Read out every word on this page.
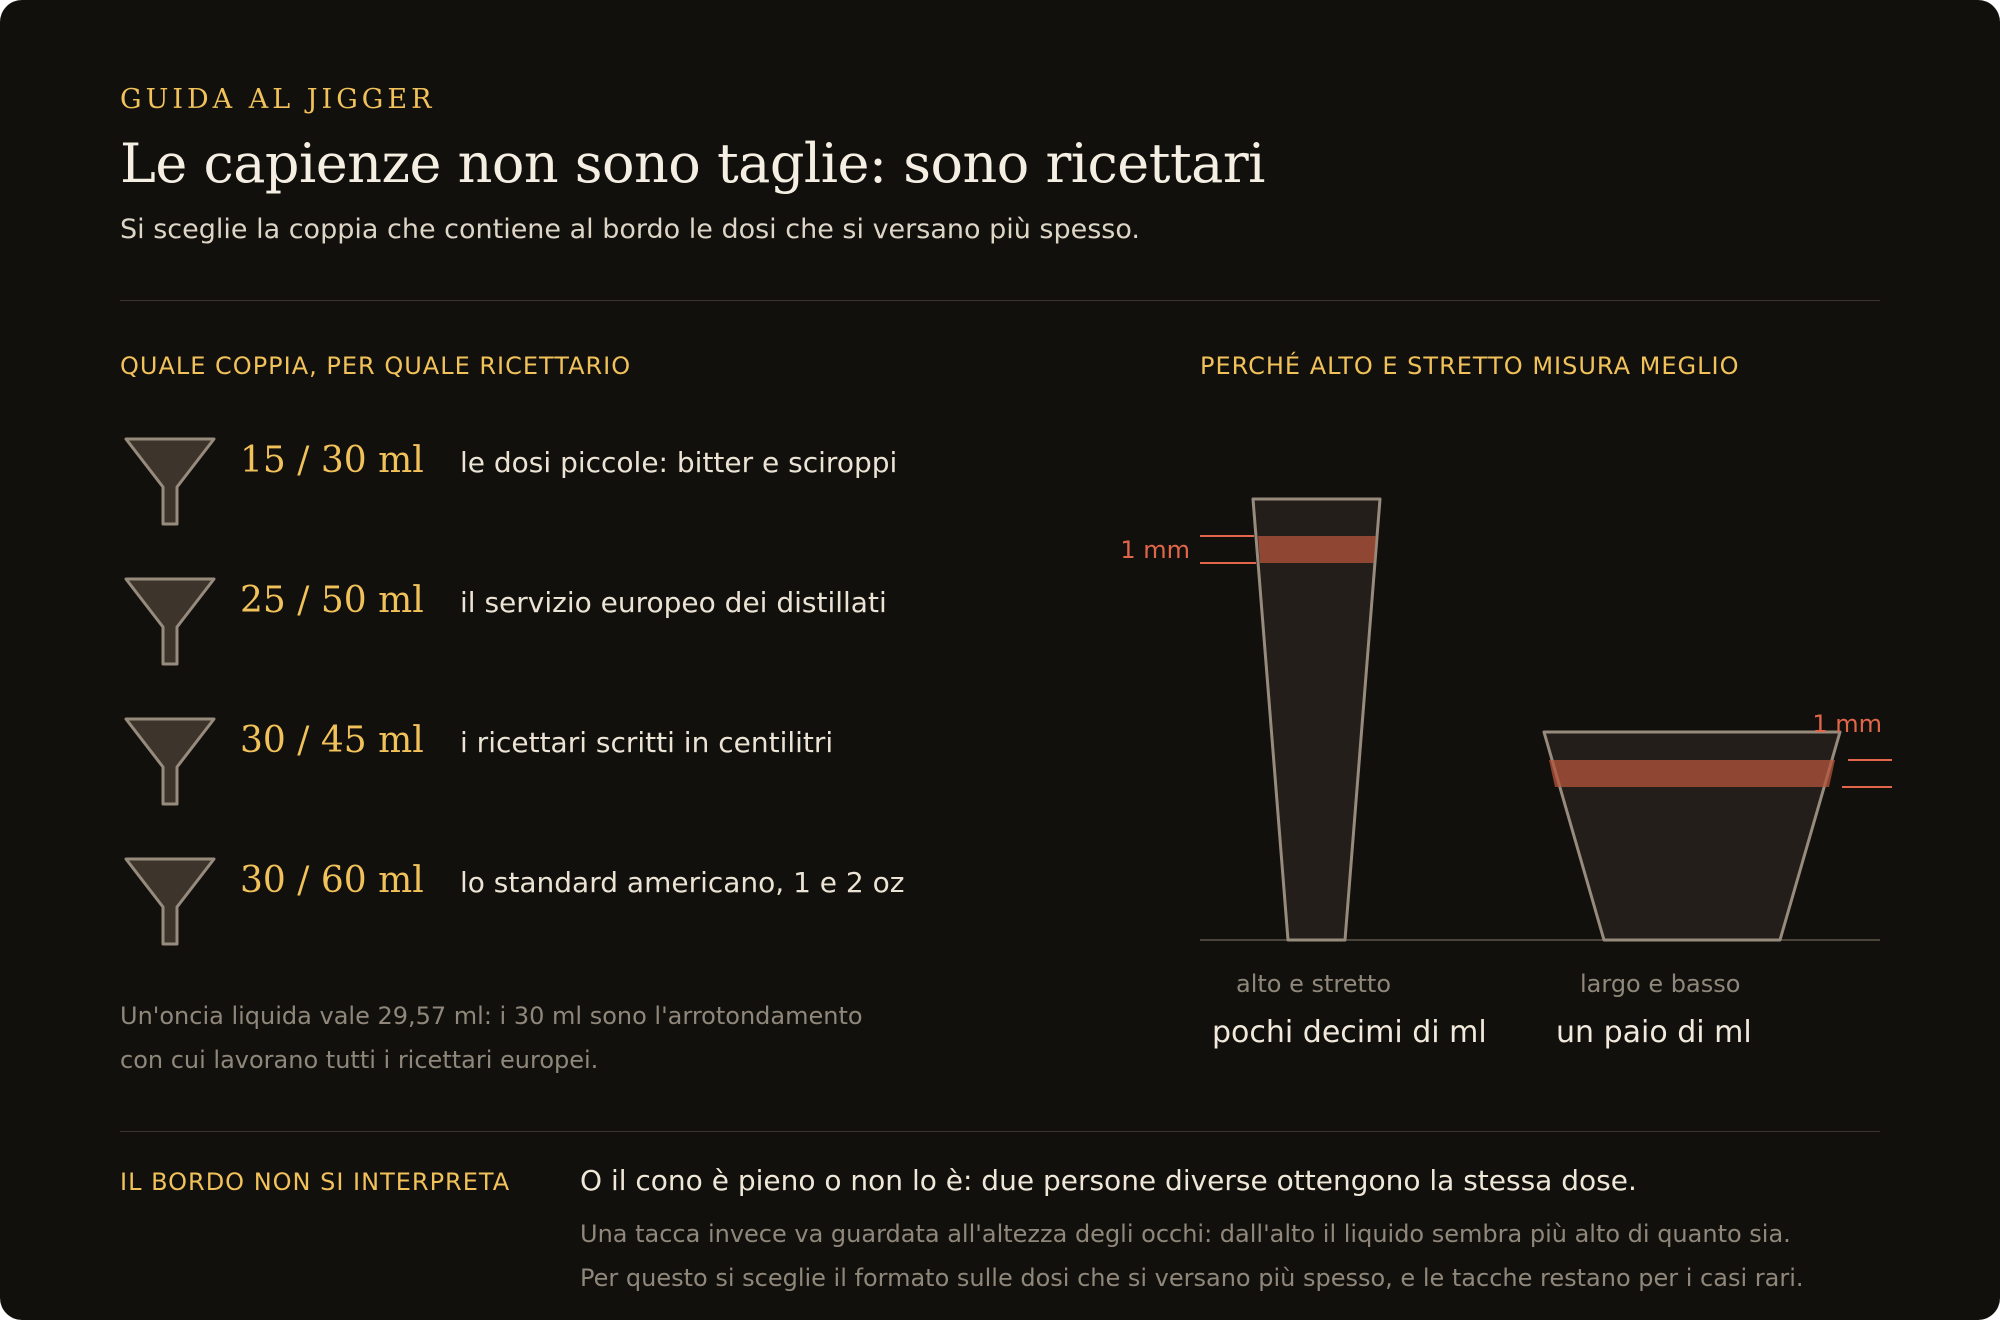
GUIDA AL JIGGER
Le capienze non sono taglie: sono ricettari
Si sceglie la coppia che contiene al bordo le dosi che si versano più spesso.
QUALE COPPIA, PER QUALE RICETTARIO
15 / 30 ml le dosi piccole: bitter e sciroppi
25 / 50 ml il servizio europeo dei distillati
30 / 45 ml i ricettari scritti in centilitri
30 / 60 ml lo standard americano, 1 e 2 oz
Un'oncia liquida vale 29,57 ml: i 30 ml sono l'arrotondamento
con cui lavorano tutti i ricettari europei.
PERCHÉ ALTO E STRETTO MISURA MEGLIO
1 mm
1 mm
alto e stretto
pochi decimi di ml
largo e basso
un paio di ml
IL BORDO NON SI INTERPRETA O il cono è pieno o non lo è: due persone diverse ottengono la stessa dose.
Una tacca invece va guardata all'altezza degli occhi: dall'alto il liquido sembra più alto di quanto sia.
Per questo si sceglie il formato sulle dosi che si versano più spesso, e le tacche restano per i casi rari.
